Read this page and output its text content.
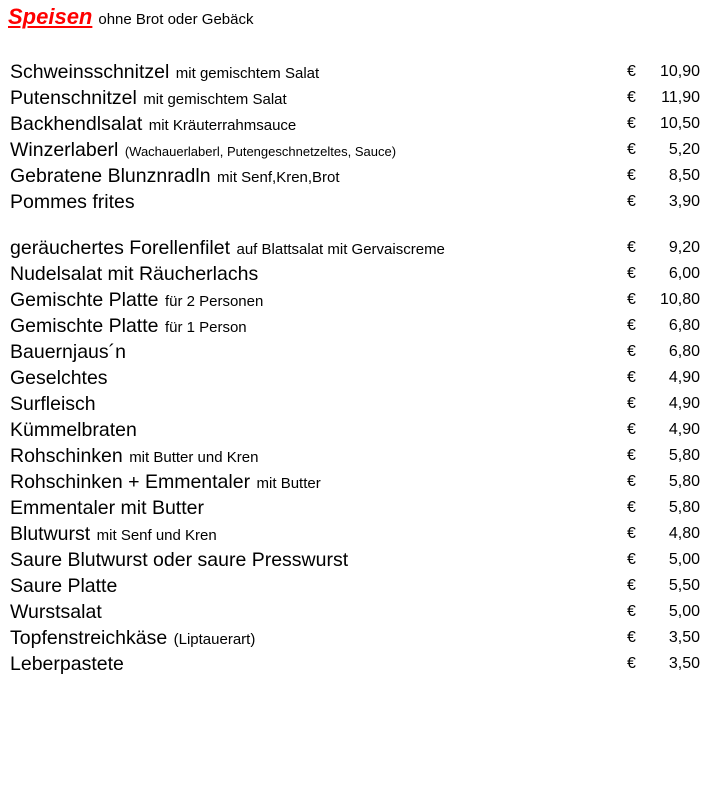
Speisen ohne Brot oder Gebäck
Schweinsschnitzel mit gemischtem Salat	€ 10,90
Putenschnitzel mit gemischtem Salat	€ 11,90
Backhendlsalat mit Kräuterrahmsauce	€ 10,50
Winzerlaberl (Wachauerlaberl, Putengeschnetzeltes, Sauce)	€ 5,20
Gebratene Blunznradln mit Senf,Kren,Brot	€ 8,50
Pommes frites	€ 3,90
geräuchertes Forellenfilet auf Blattsalat mit Gervaiscreme	€ 9,20
Nudelsalat mit Räucherlachs	€ 6,00
Gemischte Platte für 2 Personen	€ 10,80
Gemischte Platte für 1 Person	€ 6,80
Bauernjaus´n	€ 6,80
Geselchtes	€ 4,90
Surfleisch	€ 4,90
Kümmelbraten	€ 4,90
Rohschinken mit Butter und Kren	€ 5,80
Rohschinken + Emmentaler mit Butter	€ 5,80
Emmentaler mit Butter	€ 5,80
Blutwurst mit Senf und Kren	€ 4,80
Saure Blutwurst oder saure Presswurst	€ 5,00
Saure Platte	€ 5,50
Wurstsalat	€ 5,00
Topfenstreichkäse (Liptauerart)	€ 3,50
Leberpastete	€ 3,50
